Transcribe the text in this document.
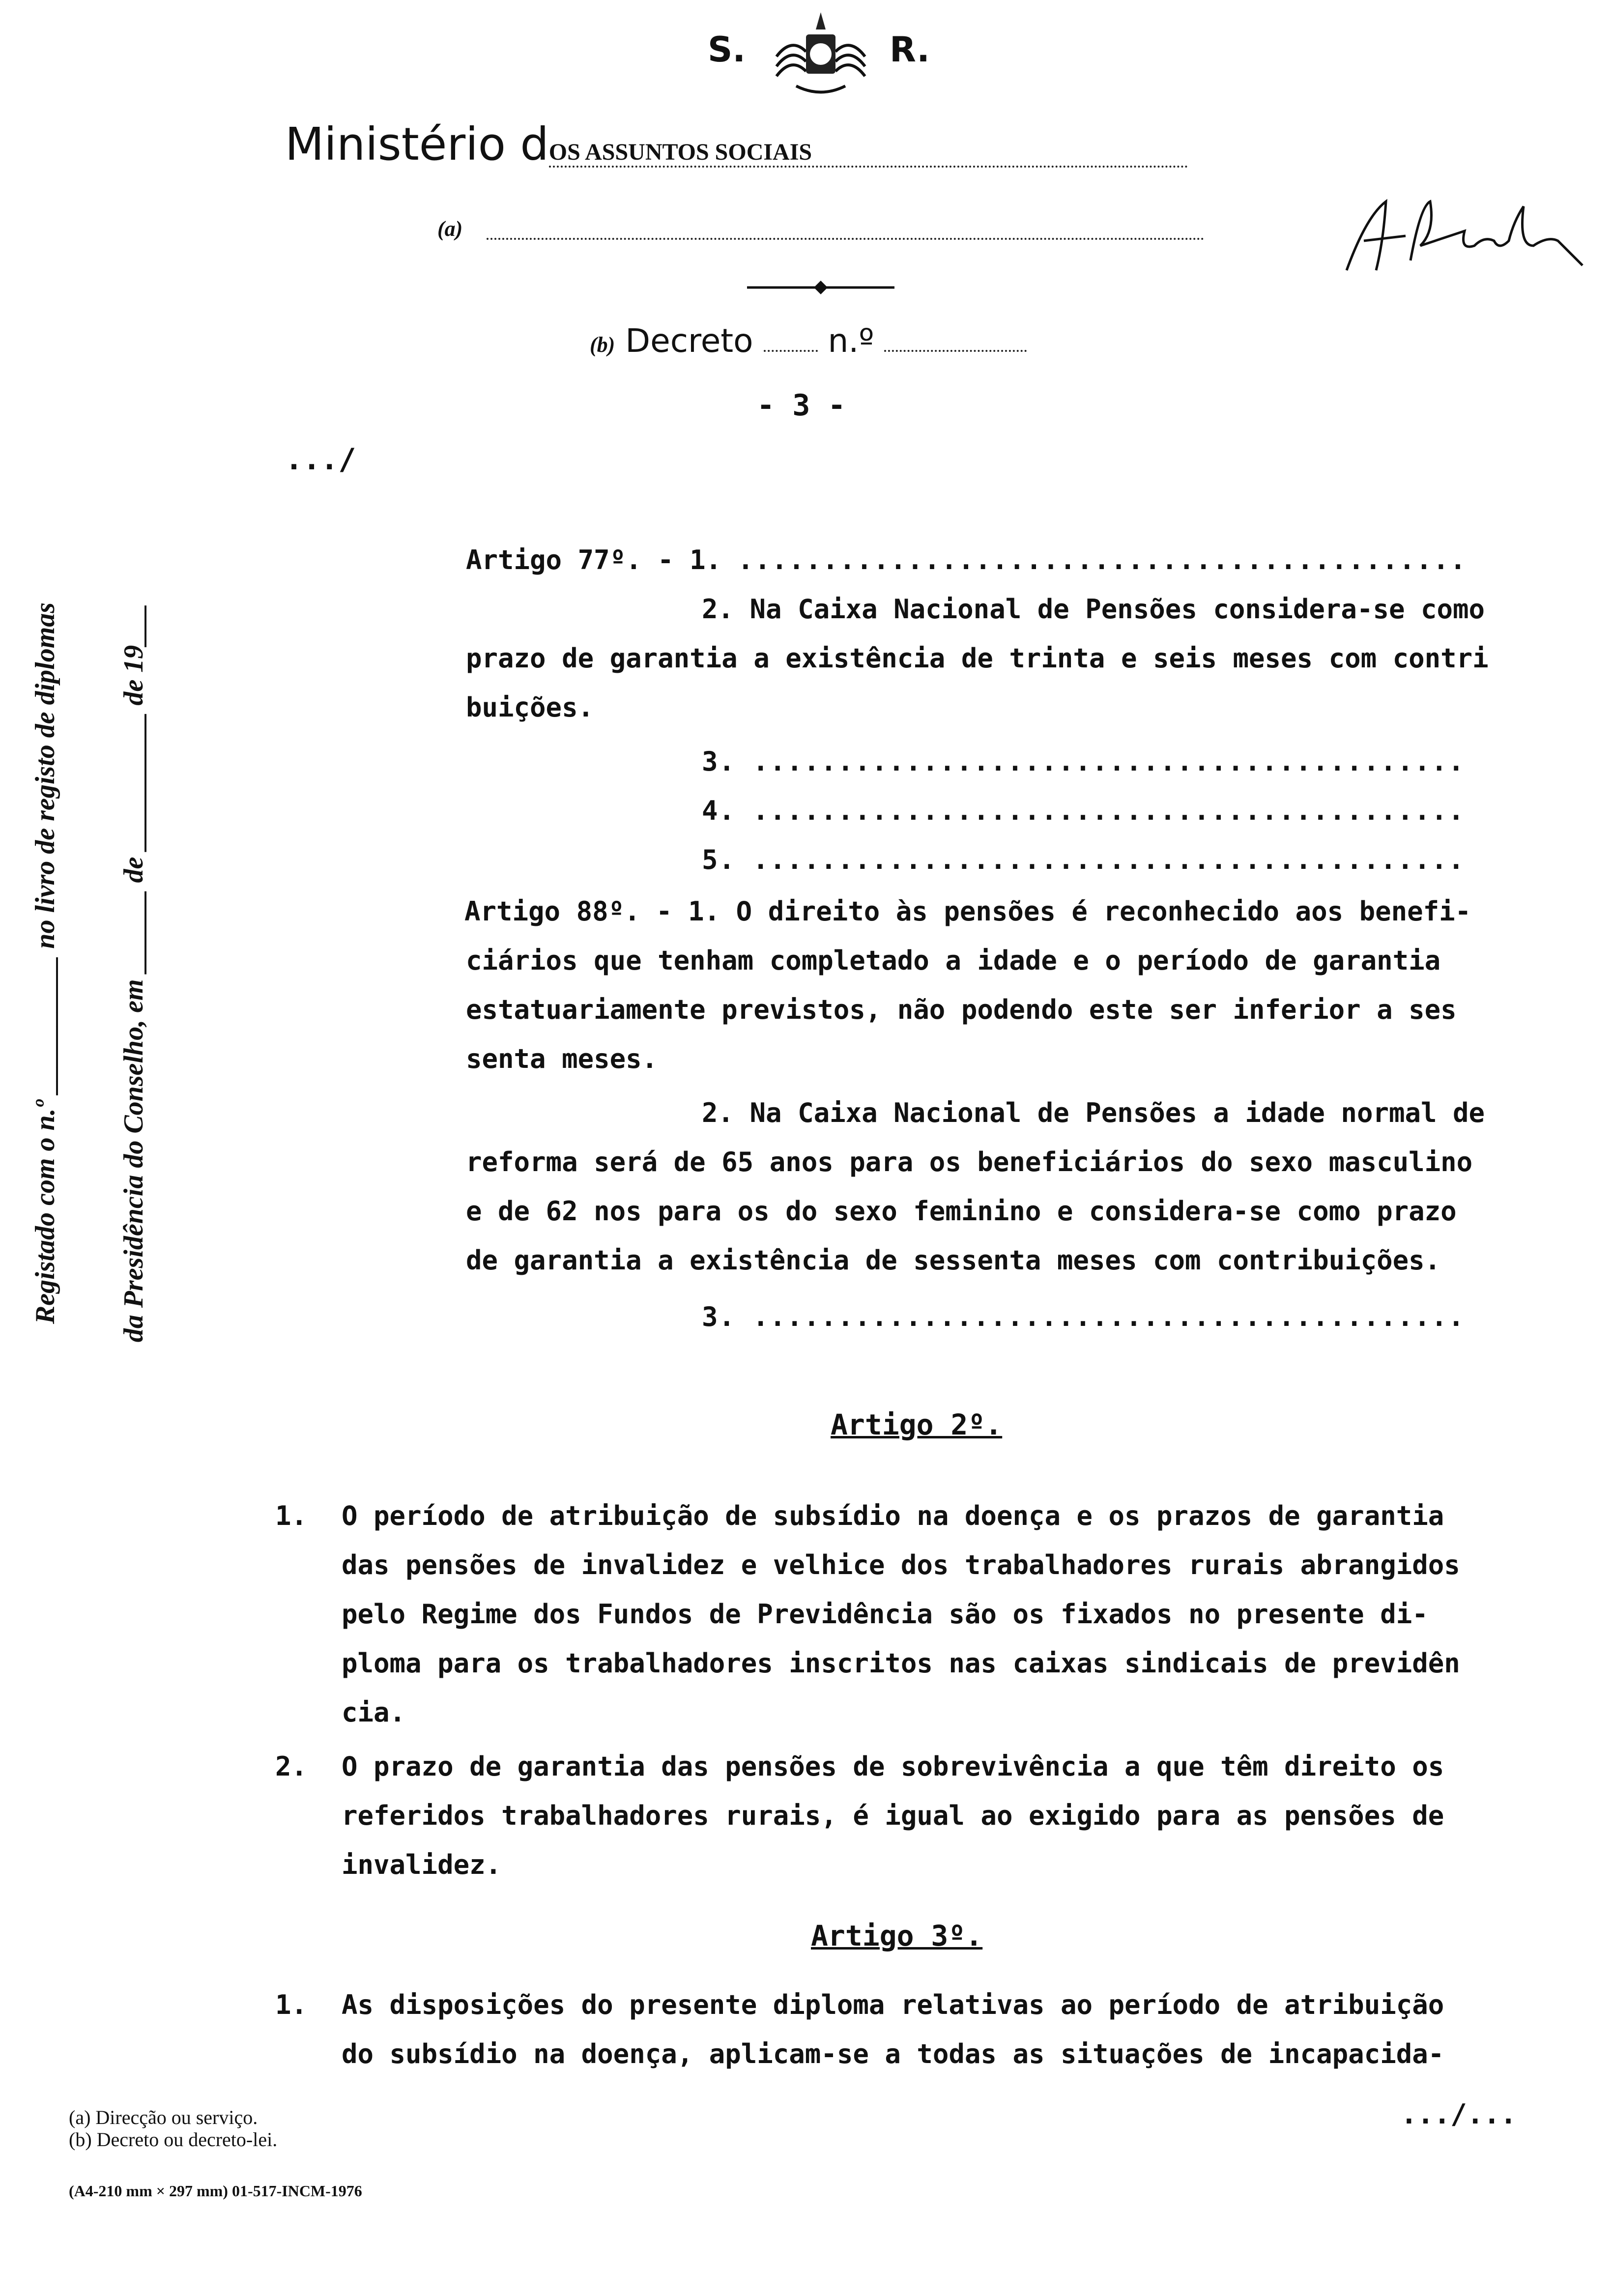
S.	R.
Ministério dOS ASSUNTOS SOCIAIS
(a)
(b) Decreto n.º
- 3 -
...∕
Registado com o n.º __________ no livro de registo de diplomas	da Presidência do Conselho, em ______ de __________ de 19___
Artigo 77º. - 1. ...........................................
2. Na Caixa Nacional de Pensões considera-se como
prazo de garantia a existência de trinta e seis meses com contri
buições.
3. ..........................................
4. ..........................................
5. ..........................................
Artigo 88º. - 1. O direito às pensões é reconhecido aos benefi-
ciários que tenham completado a idade e o período de garantia
estatuariamente previstos, não podendo este ser inferior a ses
senta meses.
2. Na Caixa Nacional de Pensões a idade normal de
reforma será de 65 anos para os beneficiários do sexo masculino
e de 62 nos para os do sexo feminino e considera-se como prazo
de garantia a existência de sessenta meses com contribuições.
3. ..........................................
Artigo 2º.
1. O período de atribuição de subsídio na doença e os prazos de garantia
das pensões de invalidez e velhice dos trabalhadores rurais abrangidos
pelo Regime dos Fundos de Previdência são os fixados no presente di-
ploma para os trabalhadores inscritos nas caixas sindicais de previdên
cia.
2. O prazo de garantia das pensões de sobrevivência a que têm direito os
referidos trabalhadores rurais, é igual ao exigido para as pensões de
invalidez.
Artigo 3º.
1. As disposições do presente diploma relativas ao período de atribuição
do subsídio na doença, aplicam-se a todas as situações de incapacida-
...∕...
(a) Direcção ou serviço.
(b) Decreto ou decreto-lei.
(A4-210 mm × 297 mm) 01-517-INCM-1976
